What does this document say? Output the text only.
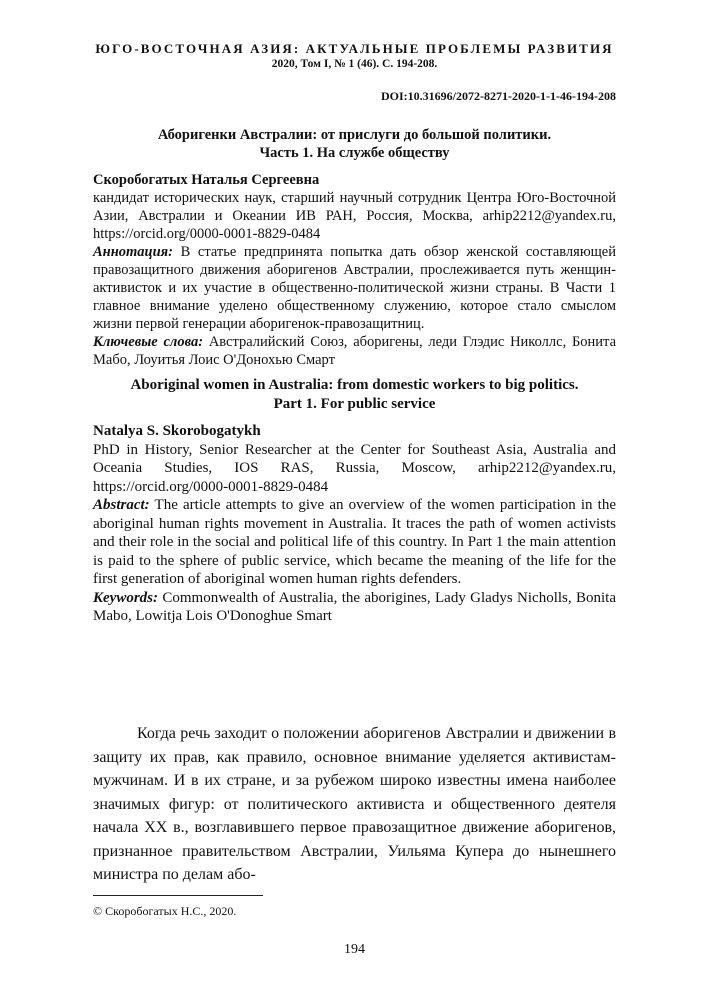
ЮГО-ВОСТОЧНАЯ АЗИЯ: АКТУАЛЬНЫЕ ПРОБЛЕМЫ РАЗВИТИЯ
2020, Том I, № 1 (46). С. 194-208.
DOI:10.31696/2072-8271-2020-1-1-46-194-208
Аборигенки Австралии: от прислуги до большой политики.
Часть 1. На службе обществу
Скоробогатых Наталья Сергеевна
кандидат исторических наук, старший научный сотрудник Центра Юго-Восточной Азии, Австралии и Океании ИВ РАН, Россия, Москва, arhip2212@yandex.ru, https://orcid.org/0000-0001-8829-0484
Аннотация: В статье предпринята попытка дать обзор женской составляющей правозащитного движения аборигенов Австралии, прослеживается путь женщин-активисток и их участие в общественно-политической жизни страны. В Части 1 главное внимание уделено общественному служению, которое стало смыслом жизни первой генерации аборигенок-правозащитниц.
Ключевые слова: Австралийский Союз, аборигены, леди Глэдис Николлс, Бонита Мабо, Лоуитья Лоис О'Донохью Смарт
Aboriginal women in Australia: from domestic workers to big politics.
Part 1. For public service
Natalya S. Skorobogatykh
PhD in History, Senior Researcher at the Center for Southeast Asia, Australia and Oceania Studies, IOS RAS, Russia, Moscow, arhip2212@yandex.ru, https://orcid.org/0000-0001-8829-0484
Abstract: The article attempts to give an overview of the women participation in the aboriginal human rights movement in Australia. It traces the path of women activists and their role in the social and political life of this country. In Part 1 the main attention is paid to the sphere of public service, which became the meaning of the life for the first generation of aboriginal women human rights defenders.
Keywords: Commonwealth of Australia, the aborigines, Lady Gladys Nicholls, Bonita Mabo, Lowitja Lois O'Donoghue Smart
Когда речь заходит о положении аборигенов Австралии и движении в защиту их прав, как правило, основное внимание уделяется активистам-мужчинам. И в их стране, и за рубежом широко известны имена наиболее значимых фигур: от политического активиста и общественного деятеля начала XX в., возглавившего первое правозащитное движение аборигенов, признанное правительством Австралии, Уильяма Купера до нынешнего министра по делам або-
© Скоробогатых Н.С., 2020.
194
